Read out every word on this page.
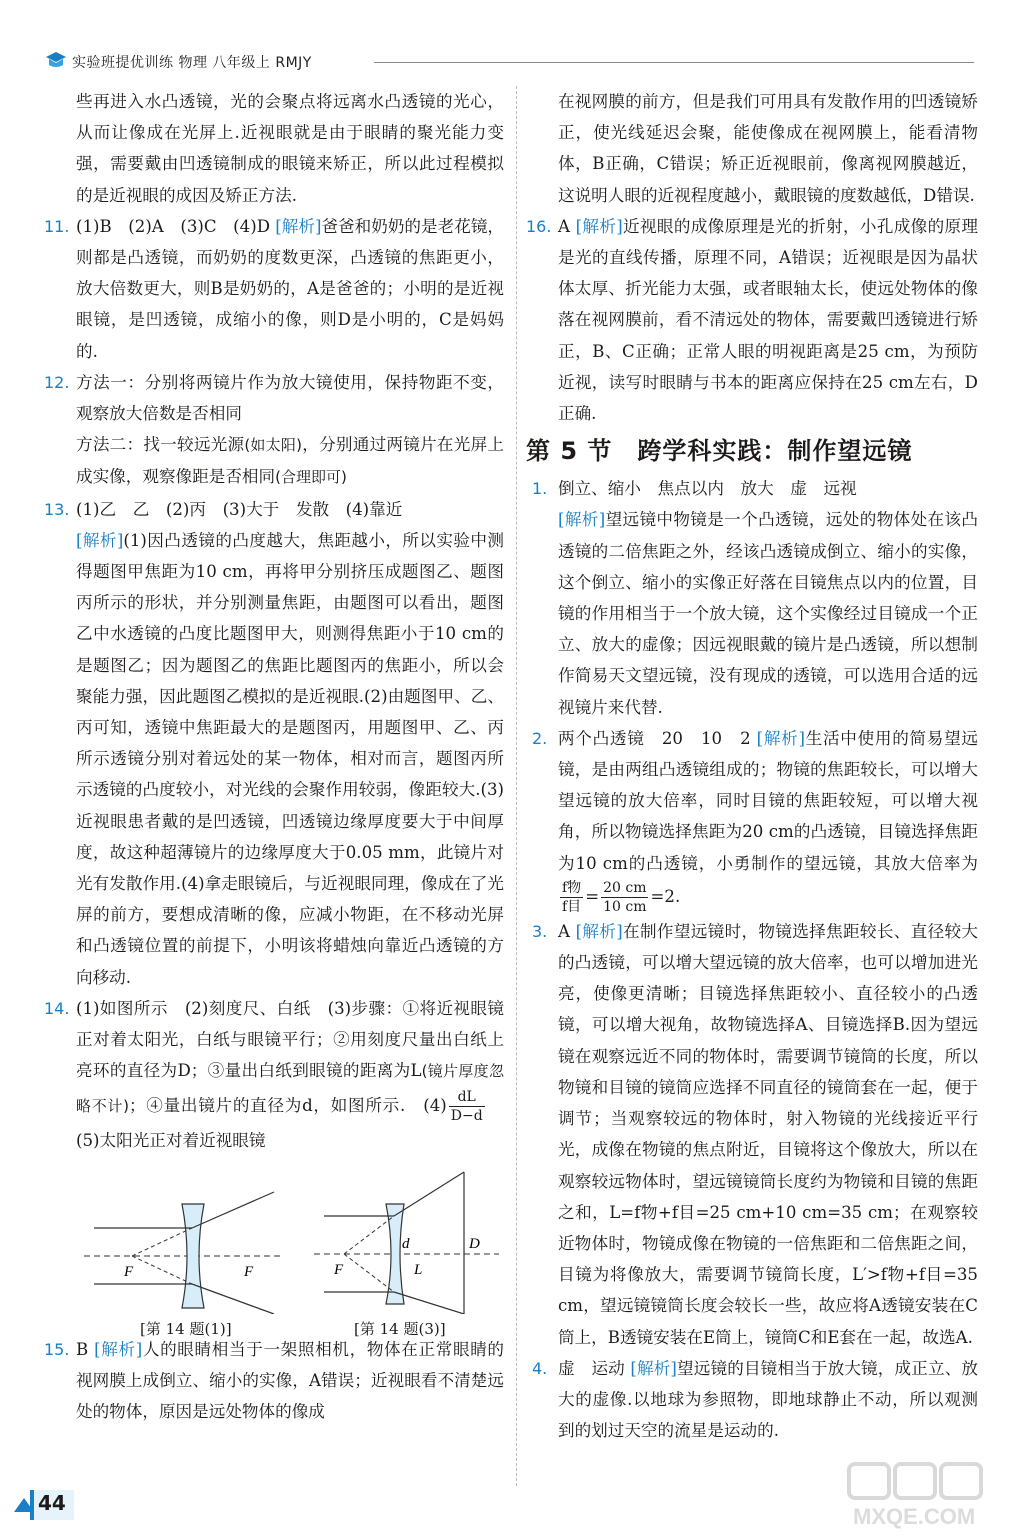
实验班提优训练 物理 八年级上 RMJY

些再进入水凸透镜，光的会聚点将远离水凸透镜的光心，从而让像成在光屏上.近视眼就是由于眼睛的聚光能力变强，需要戴由凹透镜制成的眼镜来矫正，所以此过程模拟的是近视眼的成因及矫正方法.

11. (1)B　(2)A　(3)C　(4)D [ 解析 ] 爸爸和奶奶的是老花镜，则都是凸透镜，而奶奶的度数更深，凸透镜的焦距更小，放大倍数更大，则B是奶奶的，A是爸爸的；小明的是近视眼镜，是凹透镜，成缩小的像，则D是小明的，C是妈妈的.

12. 方法一：分别将两镜片作为放大镜使用，保持物距不变，观察放大倍数是否相同

方法二：找一较远光源(如太阳)，分别通过两镜片在光屏上成实像，观察像距是否相同(合理即可)

13. (1)乙　乙　(2)丙　(3)大于　发散　(4)靠近

[ 解析 ] (1)因凸透镜的凸度越大，焦距越小，所以实验中测得题图甲焦距为10 cm，再将甲分别挤压成题图乙、题图丙所示的形状，并分别测量焦距，由题图可以看出，题图乙中水透镜的凸度比题图甲大，则测得焦距小于10 cm的是题图乙；因为题图乙的焦距比题图丙的焦距小，所以会聚能力强，因此题图乙模拟的是近视眼.(2)由题图甲、乙、丙可知，透镜中焦距最大的是题图丙，用题图甲、乙、丙所示透镜分别对着远处的某一物体，相对而言，题图丙所示透镜的凸度较小，对光线的会聚作用较弱，像距较大.(3)近视眼患者戴的是凹透镜，凹透镜边缘厚度要大于中间厚度，故这种超薄镜片的边缘厚度大于0.05 mm，此镜片对光有发散作用.(4)拿走眼镜后，与近视眼同理，像成在了光屏的前方，要想成清晰的像，应减小物距，在不移动光屏和凸透镜位置的前提下，小明该将蜡烛向靠近凸透镜的方向移动.

14. (1)如图所示　(2)刻度尺、白纸　(3)步骤：①将近视眼镜正对着太阳光，白纸与眼镜平行；②用刻度尺量出白纸上亮环的直径为D；③量出白纸到眼镜的距离为L(镜片厚度忽略不计)；④量出镜片的直径为d，如图所示.　$(4) \frac{dL}{D-d}$ 　(5)太阳光正对着近视眼镜

F	F
[第 14 题(1)]
F
d
L
D
[第 14 题(3)]
15. B [ 解析 ] 人的眼睛相当于一架照相机，物体在正常眼睛的视网膜上成倒立、缩小的实像，A错误；近视眼看不清楚远处的物体，原因是远处物体的像成

在视网膜的前方，但是我们可用具有发散作用的凹透镜矫正，使光线延迟会聚，能使像成在视网膜上，能看清物体，B正确，C错误；矫正近视眼前，像离视网膜越近，这说明人眼的近视程度越小，戴眼镜的度数越低，D错误.

16. A [ 解析 ] 近视眼的成像原理是光的折射，小孔成像的原理是光的直线传播，原理不同，A错误；近视眼是因为晶状体太厚、折光能力太强，或者眼轴太长，使远处物体的像落在视网膜前，看不清远处的物体，需要戴凹透镜进行矫正，B、C正确；正常人眼的明视距离是25 cm，为预防近视，读写时眼睛与书本的距离应保持在25 cm左右，D正确.

第 5 节　跨学科实践：制作望远镜
1. 倒立、缩小　焦点以内　放大　虚　远视

[ 解析 ] 望远镜中物镜是一个凸透镜，远处的物体处在该凸透镜的二倍焦距之外，经该凸透镜成倒立、缩小的实像，这个倒立、缩小的实像正好落在目镜焦点以内的位置，目镜的作用相当于一个放大镜，这个实像经过目镜成一个正立、放大的虚像；因远视眼戴的镜片是凸透镜，所以想制作简易天文望远镜，没有现成的透镜，可以选用合适的远视镜片来代替.

2. 两个凸透镜　20　10　2 [ 解析 ] 生活中使用的简易望远镜，是由两组凸透镜组成的；物镜的焦距较长，可以增大望远镜的放大倍率，同时目镜的焦距较短，可以增大视角，所以物镜选择焦距为20 cm的凸透镜，目镜选择焦距为10 cm的凸透镜，小勇制作的望远镜，其放大倍率为
$\frac{\text{f物}}{\text{f目}} = \frac{20 cm}{10 cm} =2$.

3. A [ 解析 ] 在制作望远镜时，物镜选择焦距较长、直径较大的凸透镜，可以增大望远镜的放大倍率，也可以增加进光亮，使像更清晰；目镜选择焦距较小、直径较小的凸透镜，可以增大视角，故物镜选择A、目镜选择B.因为望远镜在观察远近不同的物体时，需要调节镜筒的长度，所以物镜和目镜的镜筒应选择不同直径的镜筒套在一起，便于调节；当观察较远的物体时，射入物镜的光线接近平行光，成像在物镜的焦点附近，目镜将这个像放大，所以在观察较远物体时，望远镜镜筒长度约为物镜和目镜的焦距之和，L=f物+f目=25 cm+10 cm=35 cm；在观察较近物体时，物镜成像在物镜的一倍焦距和二倍焦距之间，目镜为将像放大，需要调节镜筒长度，L′>f物+f目=35 cm，望远镜镜筒长度会较长一些，故应将A透镜安装在C筒上，B透镜安装在E筒上，镜筒C和E套在一起，故选A.

4. 虚　运动 [ 解析 ] 望远镜的目镜相当于放大镜，成正立、放大的虚像.以地球为参照物，即地球静止不动，所以观测到的划过天空的流星是运动的.

44
MXQE.COM
